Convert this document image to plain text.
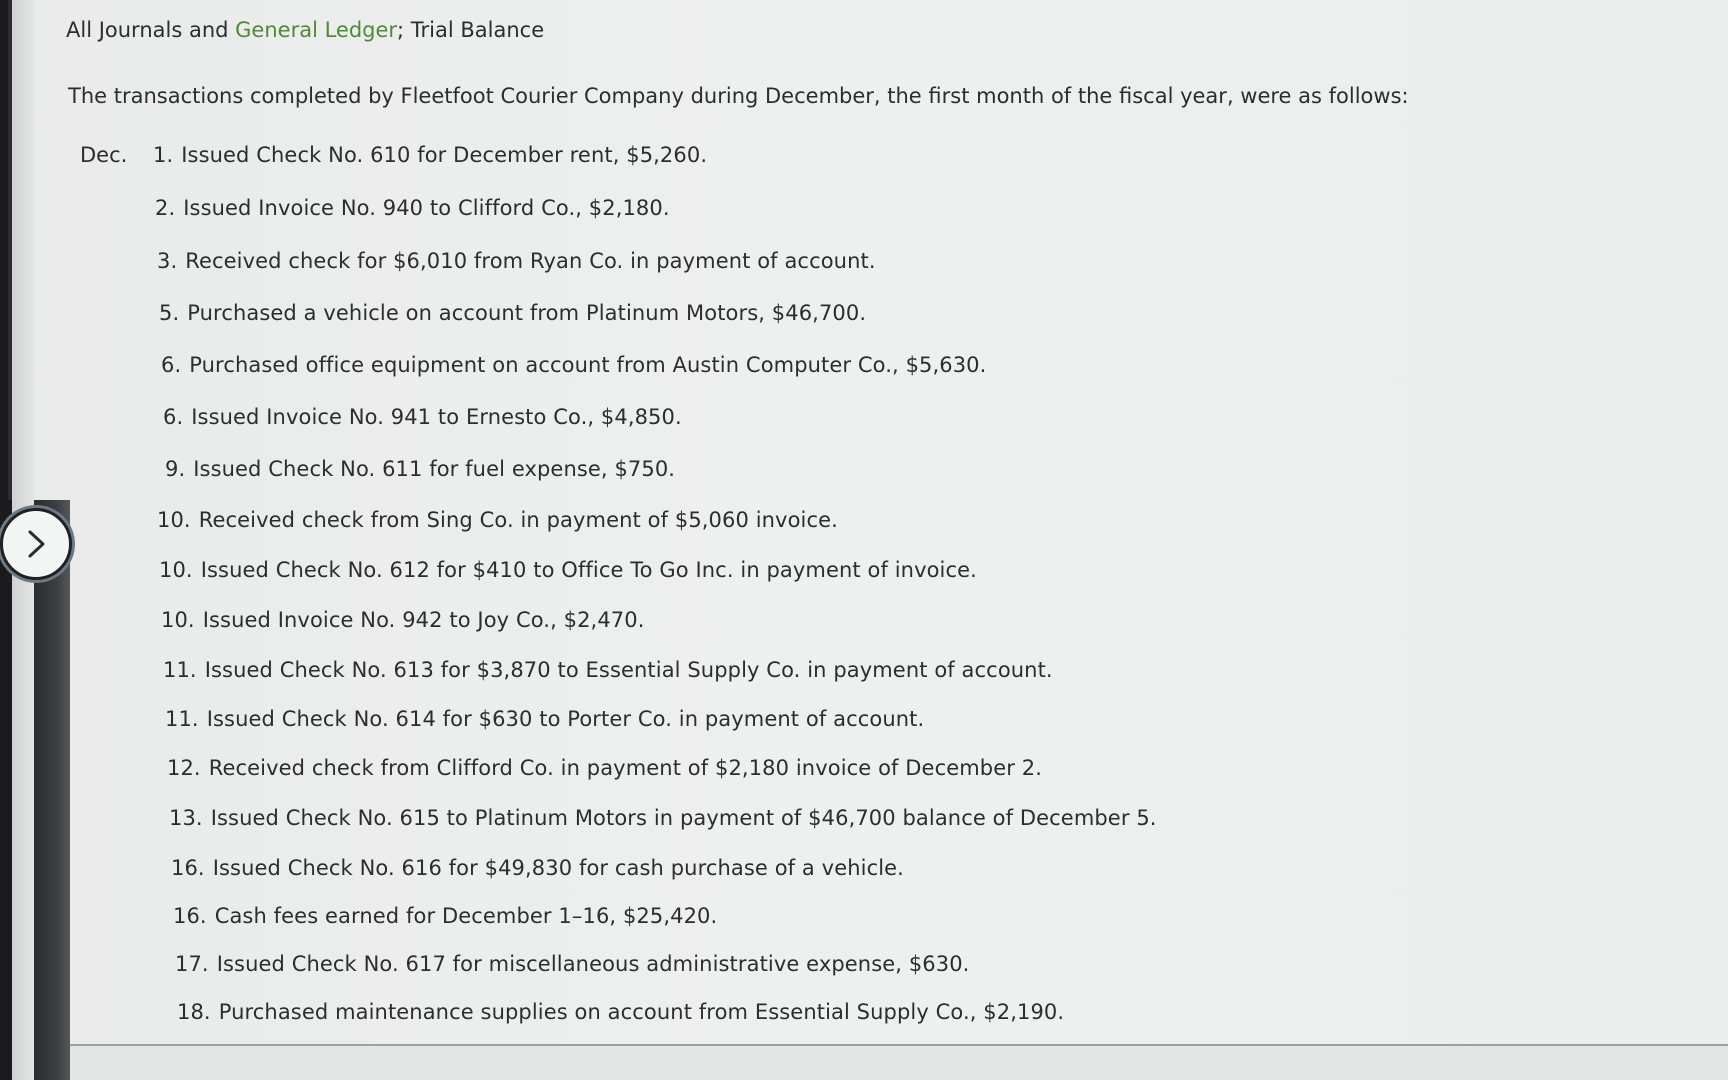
All Journals and General Ledger; Trial Balance
The transactions completed by Fleetfoot Courier Company during December, the first month of the fiscal year, were as follows:
Dec. 1. Issued Check No. 610 for December rent, $5,260.
2. Issued Invoice No. 940 to Clifford Co., $2,180.
3. Received check for $6,010 from Ryan Co. in payment of account.
5. Purchased a vehicle on account from Platinum Motors, $46,700.
6. Purchased office equipment on account from Austin Computer Co., $5,630.
6. Issued Invoice No. 941 to Ernesto Co., $4,850.
9. Issued Check No. 611 for fuel expense, $750.
10. Received check from Sing Co. in payment of $5,060 invoice.
10. Issued Check No. 612 for $410 to Office To Go Inc. in payment of invoice.
10. Issued Invoice No. 942 to Joy Co., $2,470.
11. Issued Check No. 613 for $3,870 to Essential Supply Co. in payment of account.
11. Issued Check No. 614 for $630 to Porter Co. in payment of account.
12. Received check from Clifford Co. in payment of $2,180 invoice of December 2.
13. Issued Check No. 615 to Platinum Motors in payment of $46,700 balance of December 5.
16. Issued Check No. 616 for $49,830 for cash purchase of a vehicle.
16. Cash fees earned for December 1–16, $25,420.
17. Issued Check No. 617 for miscellaneous administrative expense, $630.
18. Purchased maintenance supplies on account from Essential Supply Co., $2,190.
